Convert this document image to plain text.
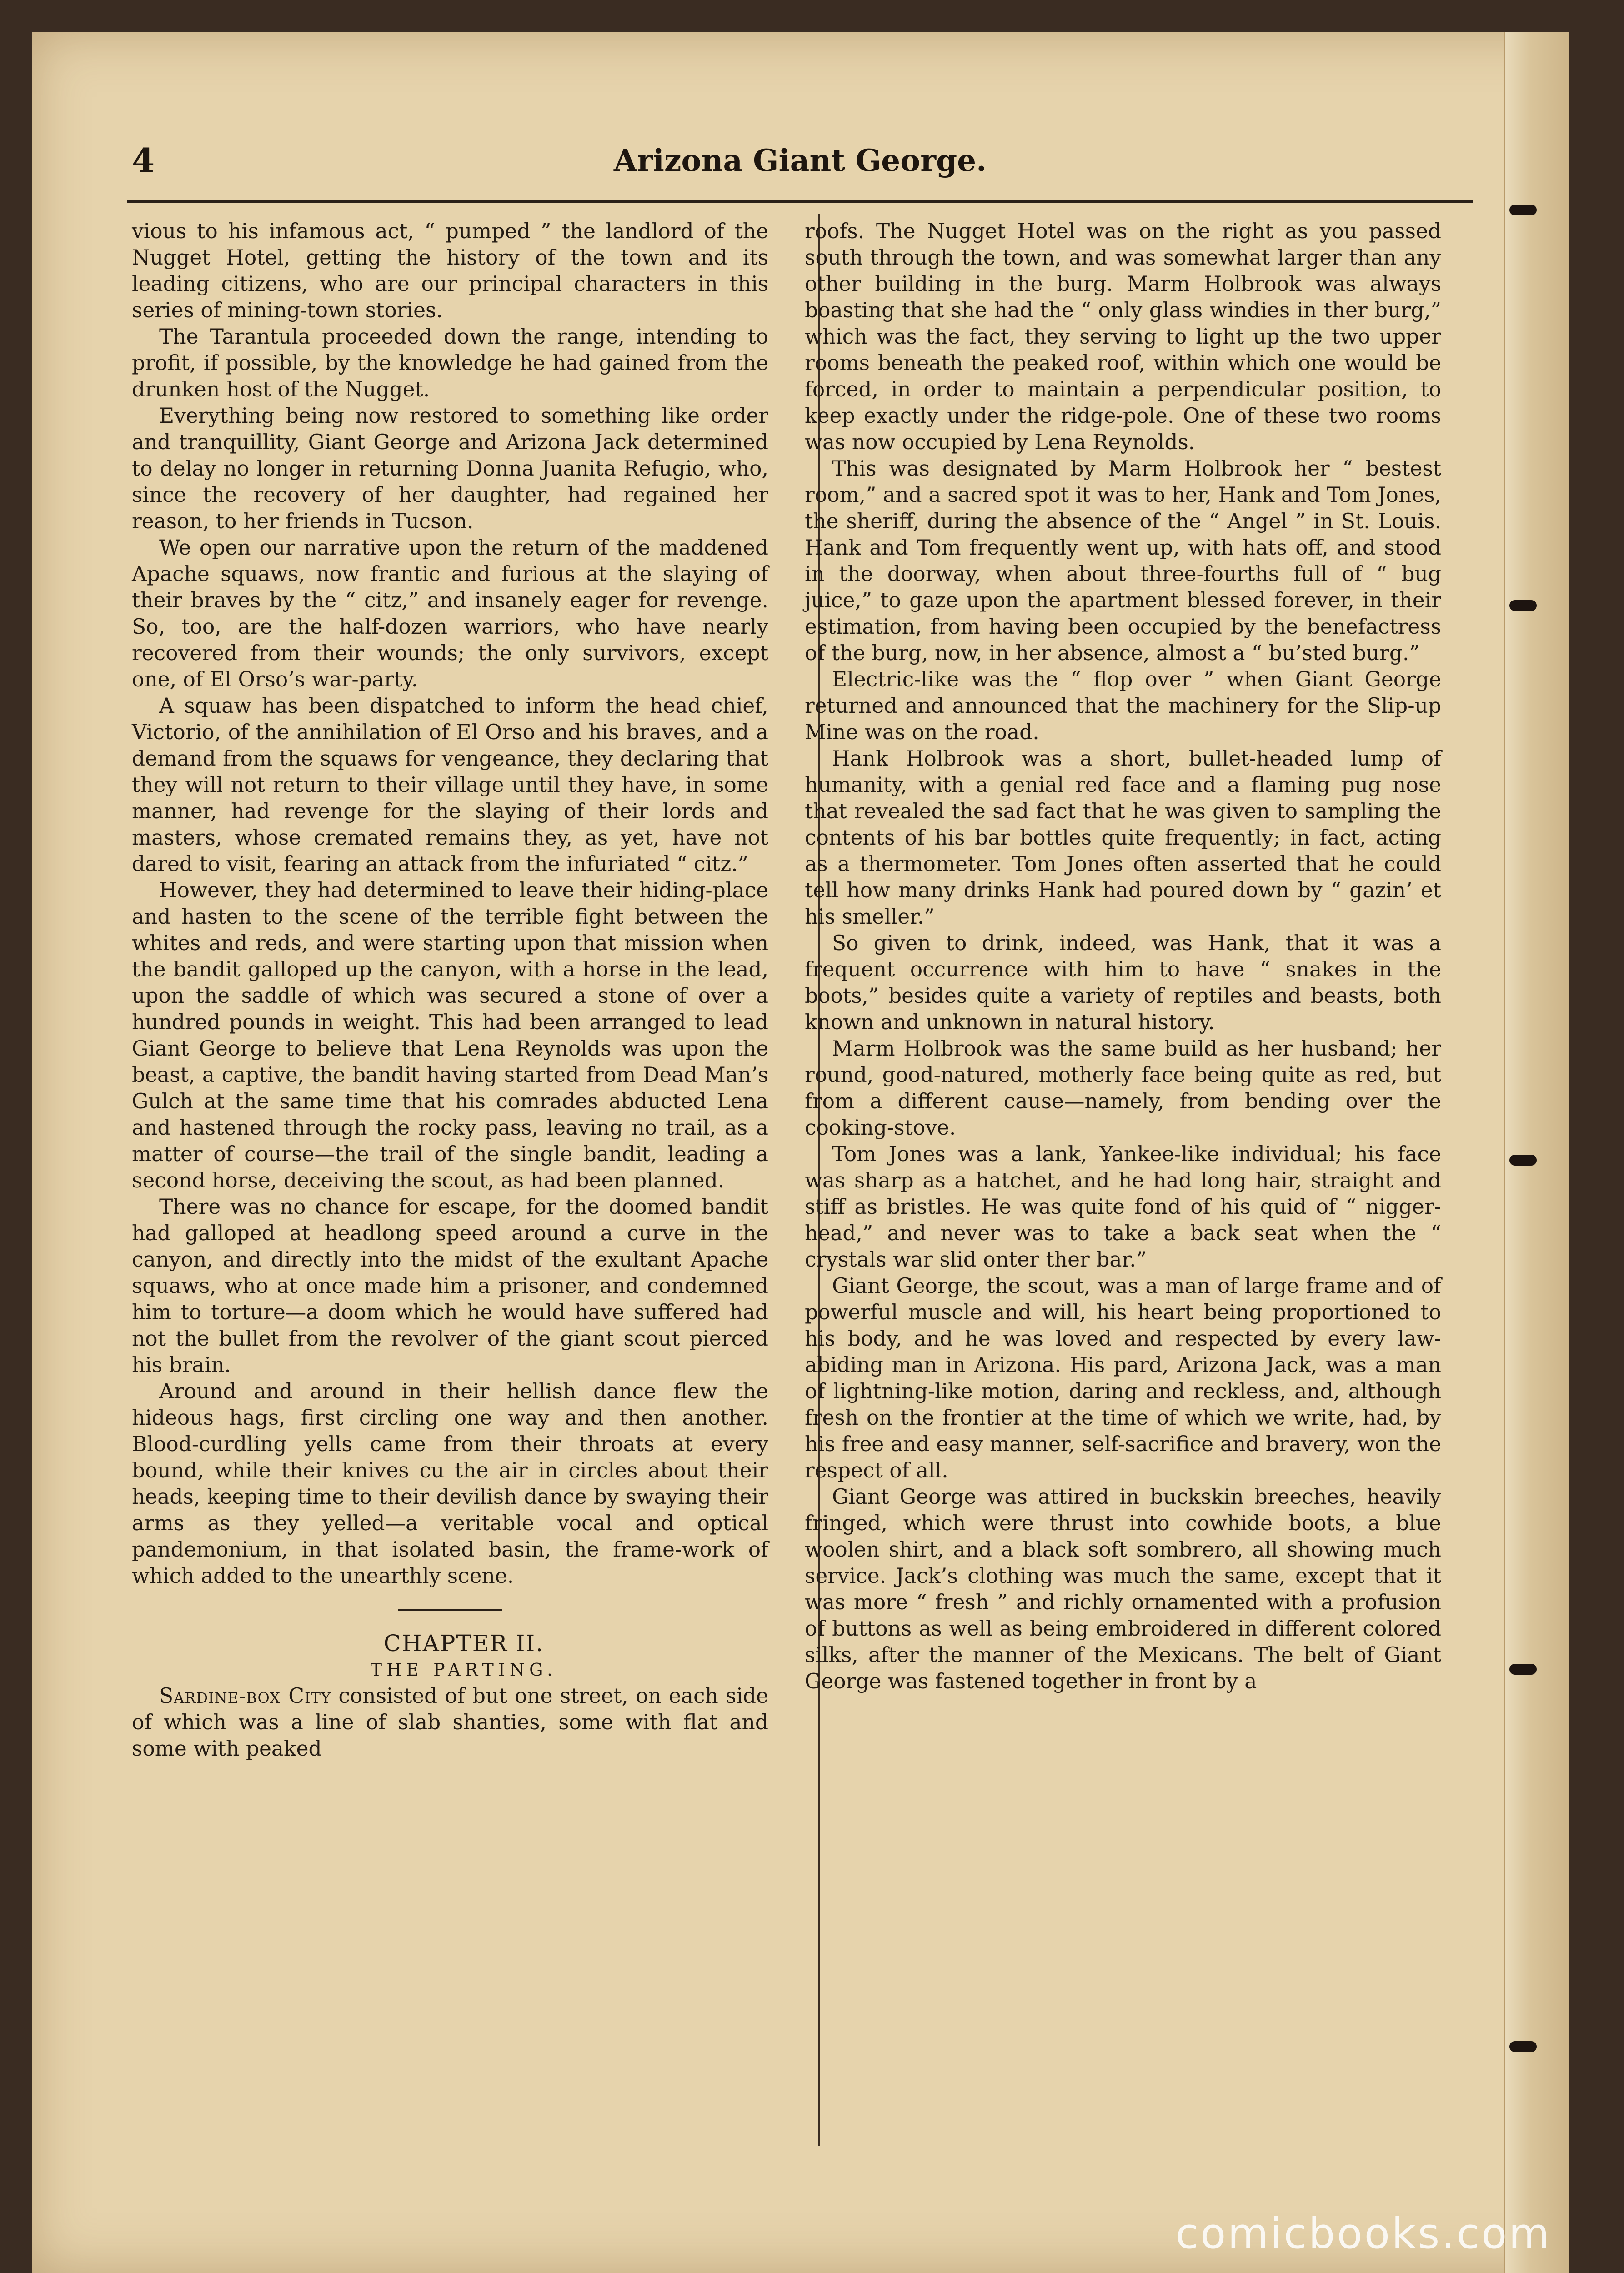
4	Arizona Giant George.

vious to his infamous act, “ pumped ” the landlord of the Nugget Hotel, getting the history of the town and its leading citizens, who are our principal characters in this series of mining-town stories.

The Tarantula proceeded down the range, intending to profit, if possible, by the knowledge he had gained from the drunken host of the Nugget.

Everything being now restored to something like order and tranquillity, Giant George and Arizona Jack determined to delay no longer in returning Donna Juanita Refugio, who, since the recovery of her daughter, had regained her reason, to her friends in Tucson.

We open our narrative upon the return of the maddened Apache squaws, now frantic and furious at the slaying of their braves by the “ citz,” and insanely eager for revenge. So, too, are the half-dozen warriors, who have nearly recovered from their wounds; the only survivors, except one, of El Orso’s war-party.

A squaw has been dispatched to inform the head chief, Victorio, of the annihilation of El Orso and his braves, and a demand from the squaws for vengeance, they declaring that they will not return to their village until they have, in some manner, had revenge for the slaying of their lords and masters, whose cremated remains they, as yet, have not dared to visit, fearing an attack from the infuriated “ citz.”

However, they had determined to leave their hiding-place and hasten to the scene of the terrible fight between the whites and reds, and were starting upon that mission when the bandit galloped up the canyon, with a horse in the lead, upon the saddle of which was secured a stone of over a hundred pounds in weight. This had been arranged to lead Giant George to believe that Lena Reynolds was upon the beast, a captive, the bandit having started from Dead Man’s Gulch at the same time that his comrades abducted Lena and hastened through the rocky pass, leaving no trail, as a matter of course—the trail of the single bandit, leading a second horse, deceiving the scout, as had been planned.

There was no chance for escape, for the doomed bandit had galloped at headlong speed around a curve in the canyon, and directly into the midst of the exultant Apache squaws, who at once made him a prisoner, and condemned him to torture—a doom which he would have suffered had not the bullet from the revolver of the giant scout pierced his brain.

Around and around in their hellish dance flew the hideous hags, first circling one way and then another. Blood-curdling yells came from their throats at every bound, while their knives cu the air in circles about their heads, keeping time to their devilish dance by swaying their arms as they yelled—a veritable vocal and optical pandemonium, in that isolated basin, the frame-work of which added to the unearthly scene.

CHAPTER II.

THE PARTING.

Sardine-box City consisted of but one street, on each side of which was a line of slab shanties, some with flat and some with peaked

roofs. The Nugget Hotel was on the right as you passed south through the town, and was somewhat larger than any other building in the burg. Marm Holbrook was always boasting that she had the “ only glass windies in ther burg,” which was the fact, they serving to light up the two upper rooms beneath the peaked roof, within which one would be forced, in order to maintain a perpendicular position, to keep exactly under the ridge-pole. One of these two rooms was now occupied by Lena Reynolds.

This was designated by Marm Holbrook her “ bestest room,” and a sacred spot it was to her, Hank and Tom Jones, the sheriff, during the absence of the “ Angel ” in St. Louis. Hank and Tom frequently went up, with hats off, and stood in the doorway, when about three-fourths full of “ bug juice,” to gaze upon the apartment blessed forever, in their estimation, from having been occupied by the benefactress of the burg, now, in her absence, almost a “ bu’sted burg.”

Electric-like was the “ flop over ” when Giant George returned and announced that the machinery for the Slip-up Mine was on the road.

Hank Holbrook was a short, bullet-headed lump of humanity, with a genial red face and a flaming pug nose that revealed the sad fact that he was given to sampling the contents of his bar bottles quite frequently; in fact, acting as a thermometer. Tom Jones often asserted that he could tell how many drinks Hank had poured down by “ gazin’ et his smeller.”

So given to drink, indeed, was Hank, that it was a frequent occurrence with him to have “ snakes in the boots,” besides quite a variety of reptiles and beasts, both known and unknown in natural history.

Marm Holbrook was the same build as her husband; her round, good-natured, motherly face being quite as red, but from a different cause—namely, from bending over the cooking-stove.

Tom Jones was a lank, Yankee-like individual; his face was sharp as a hatchet, and he had long hair, straight and stiff as bristles. He was quite fond of his quid of “ nigger-head,” and never was to take a back seat when the “ crystals war slid onter ther bar.”

Giant George, the scout, was a man of large frame and of powerful muscle and will, his heart being proportioned to his body, and he was loved and respected by every law-abiding man in Arizona. His pard, Arizona Jack, was a man of lightning-like motion, daring and reckless, and, although fresh on the frontier at the time of which we write, had, by his free and easy manner, self-sacrifice and bravery, won the respect of all.

Giant George was attired in buckskin breeches, heavily fringed, which were thrust into cowhide boots, a blue woolen shirt, and a black soft sombrero, all showing much service. Jack’s clothing was much the same, except that it was more “ fresh ” and richly ornamented with a profusion of buttons as well as being embroidered in different colored silks, after the manner of the Mexicans. The belt of Giant George was fastened together in front by a

comicbooks.com
